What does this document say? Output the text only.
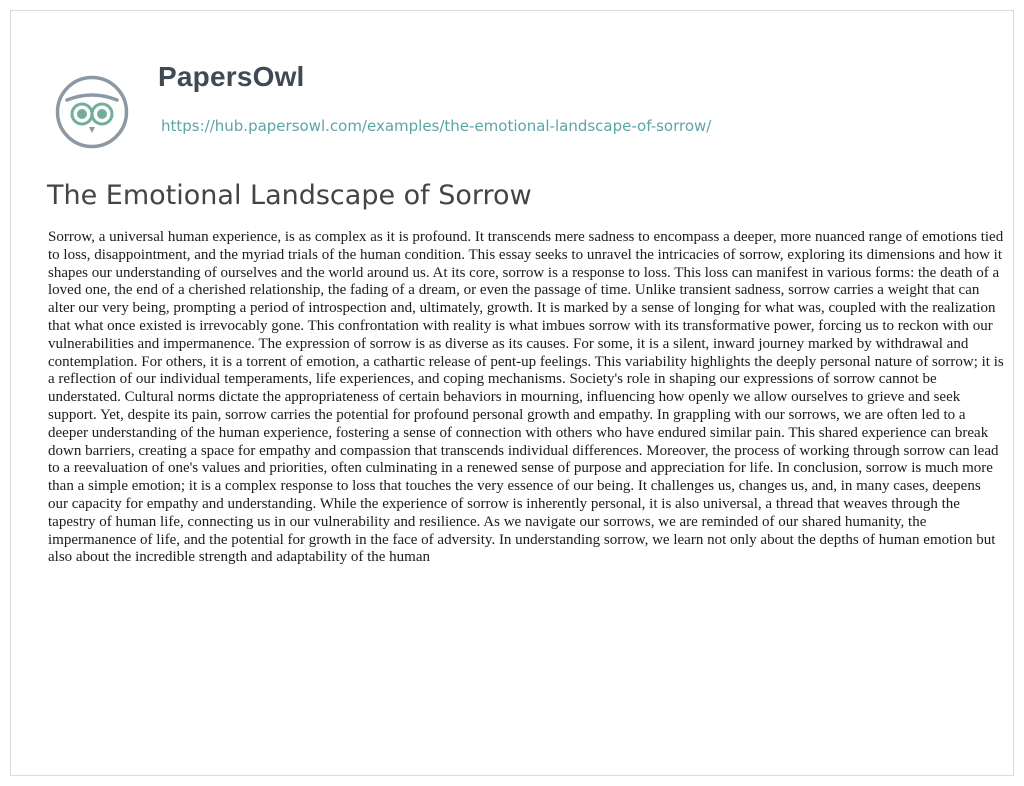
PapersOwl
https://hub.papersowl.com/examples/the-emotional-landscape-of-sorrow/
The Emotional Landscape of Sorrow

Sorrow, a universal human experience, is as complex as it is profound. It transcends mere sadness to encompass a deeper, more nuanced range of emotions tied to loss, disappointment, and the myriad trials of the human condition. This essay seeks to unravel the intricacies of sorrow, exploring its dimensions and how it shapes our understanding of ourselves and the world around us. At its core, sorrow is a response to loss. This loss can manifest in various forms: the death of a loved one, the end of a cherished relationship, the fading of a dream, or even the passage of time. Unlike transient sadness, sorrow carries a weight that can alter our very being, prompting a period of introspection and, ultimately, growth. It is marked by a sense of longing for what was, coupled with the realization that what once existed is irrevocably gone. This confrontation with reality is what imbues sorrow with its transformative power, forcing us to reckon with our vulnerabilities and impermanence. The expression of sorrow is as diverse as its causes. For some, it is a silent, inward journey marked by withdrawal and contemplation. For others, it is a torrent of emotion, a cathartic release of pent-up feelings. This variability highlights the deeply personal nature of sorrow; it is a reflection of our individual temperaments, life experiences, and coping mechanisms. Society's role in shaping our expressions of sorrow cannot be understated. Cultural norms dictate the appropriateness of certain behaviors in mourning, influencing how openly we allow ourselves to grieve and seek support. Yet, despite its pain, sorrow carries the potential for profound personal growth and empathy. In grappling with our sorrows, we are often led to a deeper understanding of the human experience, fostering a sense of connection with others who have endured similar pain. This shared experience can break down barriers, creating a space for empathy and compassion that transcends individual differences. Moreover, the process of working through sorrow can lead to a reevaluation of one's values and priorities, often culminating in a renewed sense of purpose and appreciation for life. In conclusion, sorrow is much more than a simple emotion; it is a complex response to loss that touches the very essence of our being. It challenges us, changes us, and, in many cases, deepens our capacity for empathy and understanding. While the experience of sorrow is inherently personal, it is also universal, a thread that weaves through the tapestry of human life, connecting us in our vulnerability and resilience. As we navigate our sorrows, we are reminded of our shared humanity, the impermanence of life, and the potential for growth in the face of adversity. In understanding sorrow, we learn not only about the depths of human emotion but also about the incredible strength and adaptability of the human
